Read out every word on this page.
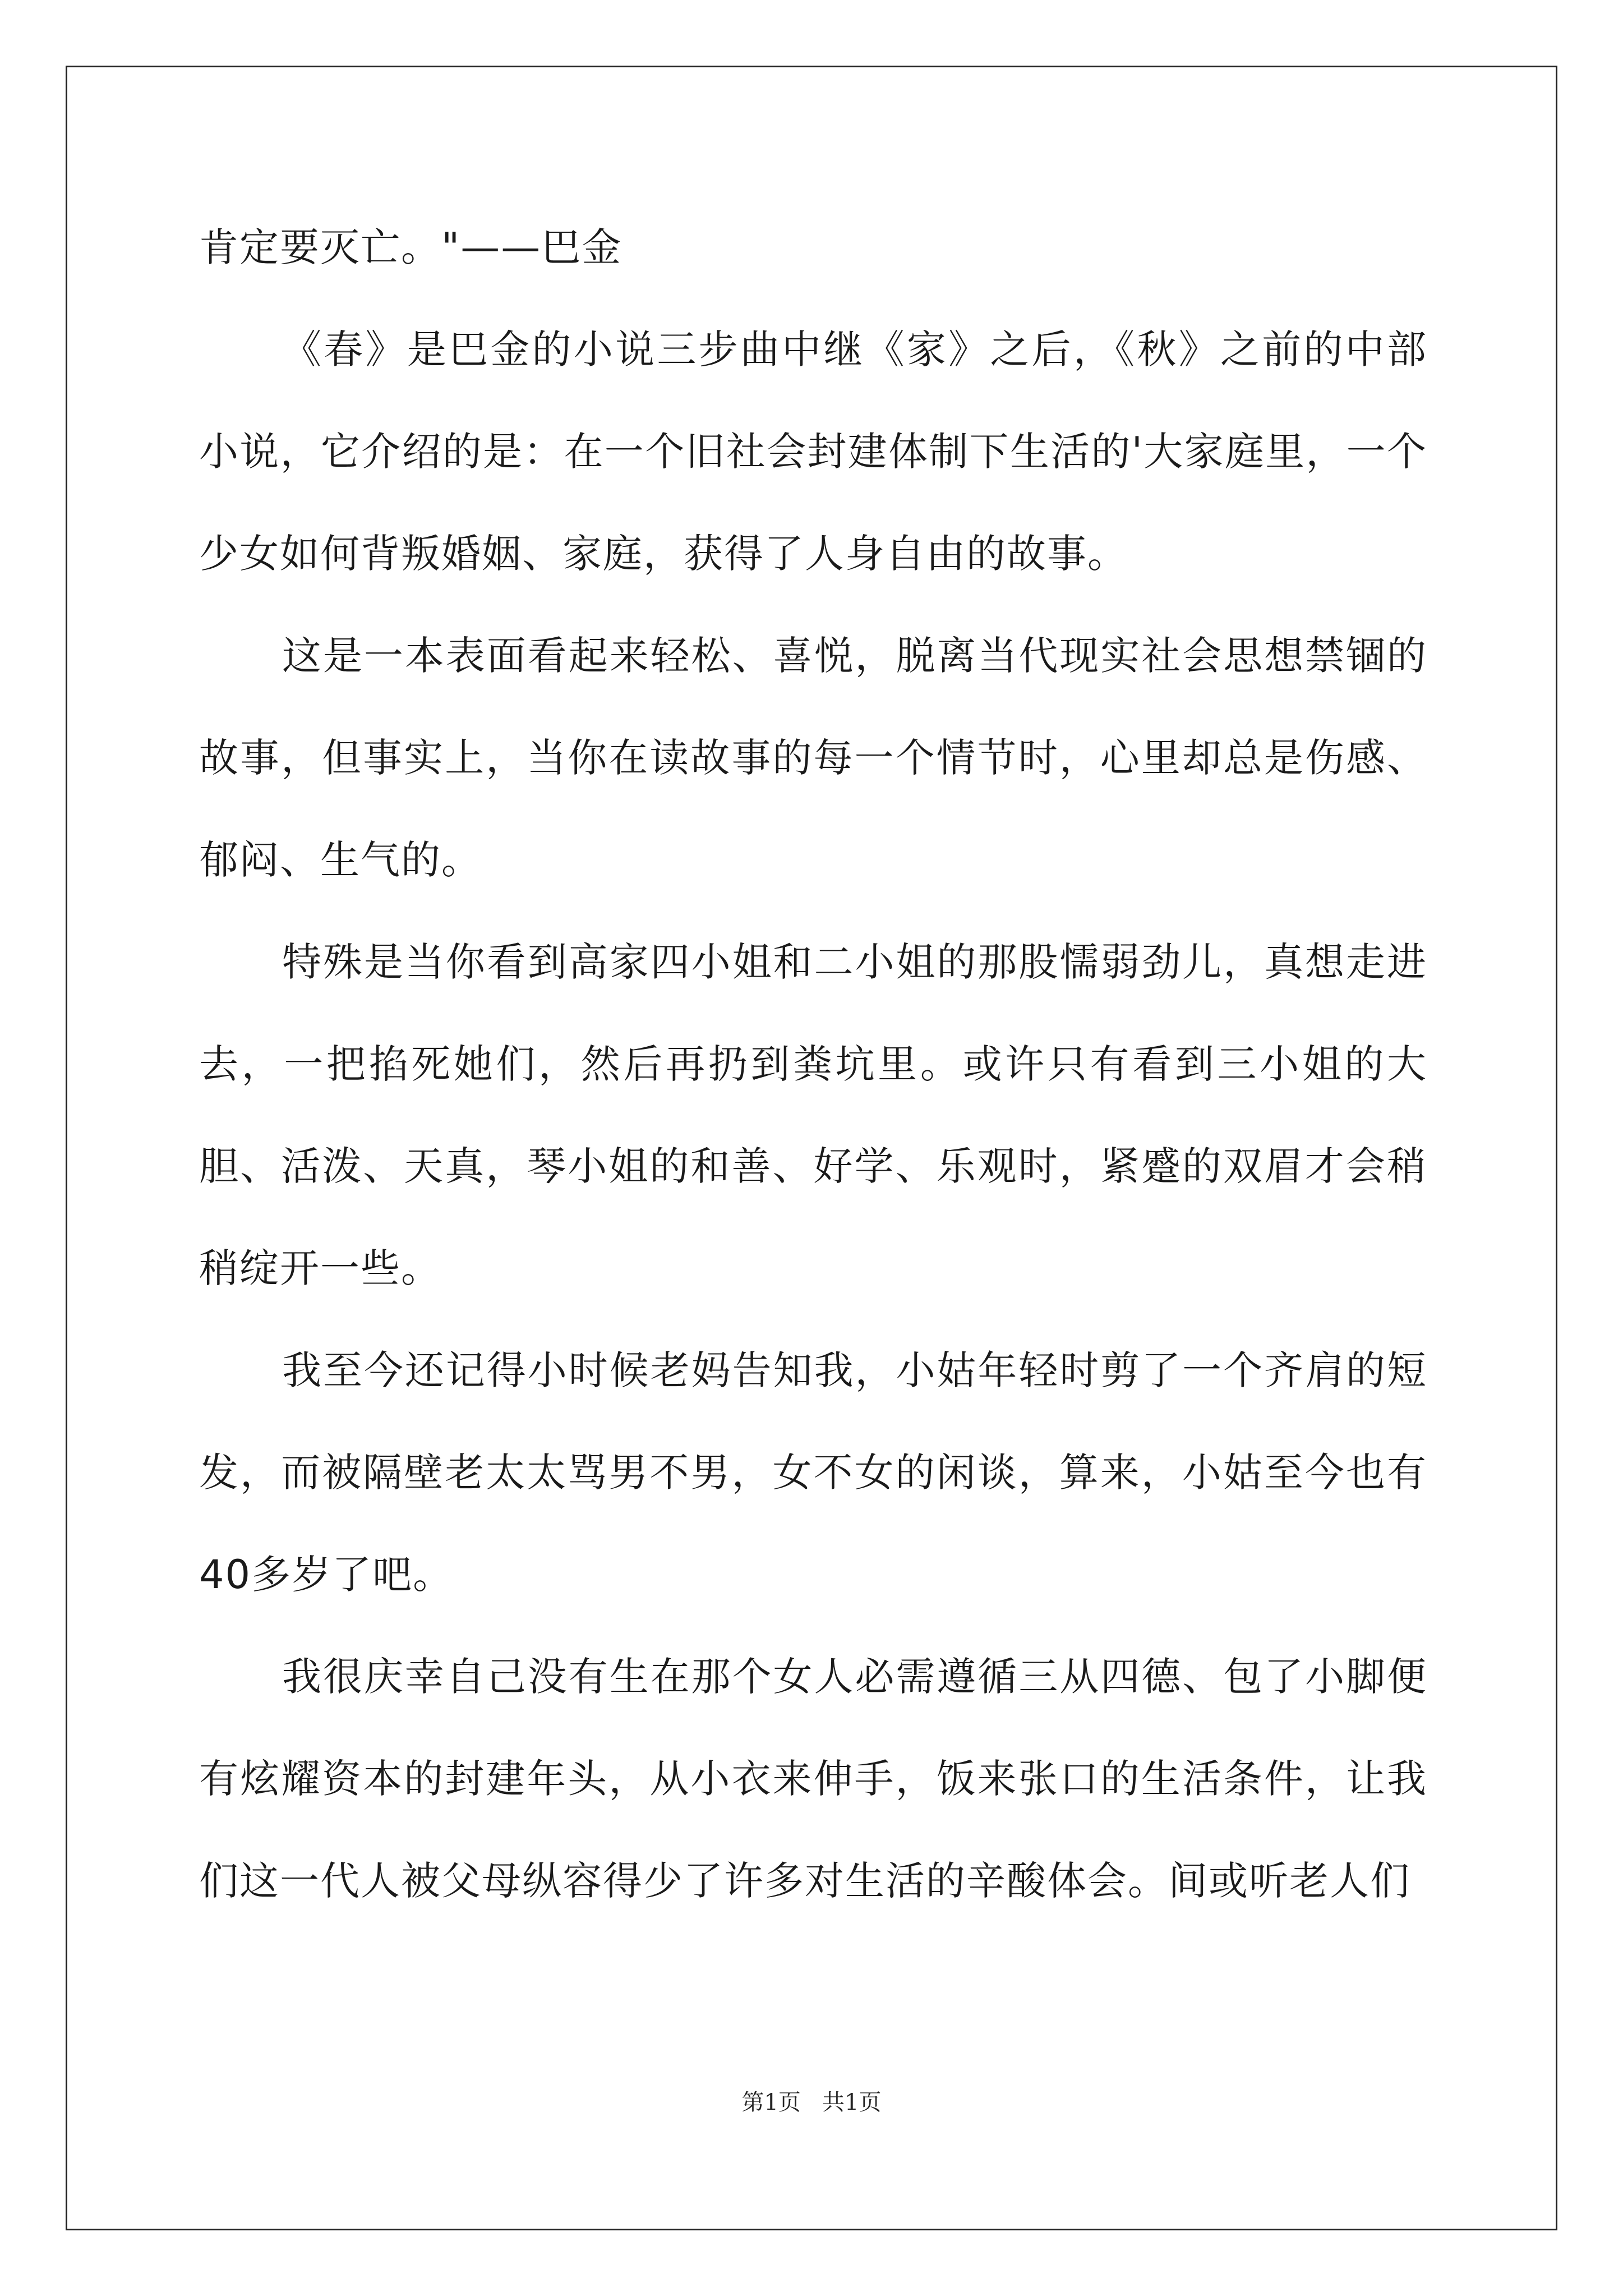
肯定要灭亡。"——巴金

《春》是巴金的小说三步曲中继《家》之后，《秋》之前的中部小说，它介绍的是：在一个旧社会封建体制下生活的'大家庭里，一个少女如何背叛婚姻、家庭，获得了人身自由的故事。

这是一本表面看起来轻松、喜悦，脱离当代现实社会思想禁锢的故事，但事实上，当你在读故事的每一个情节时，心里却总是伤感、郁闷、生气的。

特殊是当你看到高家四小姐和二小姐的那股懦弱劲儿，真想走进去，一把掐死她们，然后再扔到粪坑里。或许只有看到三小姐的大胆、活泼、天真，琴小姐的和善、好学、乐观时，紧蹙的双眉才会稍稍绽开一些。

我至今还记得小时候老妈告知我，小姑年轻时剪了一个齐肩的短发，而被隔壁老太太骂男不男，女不女的闲谈，算来，小姑至今也有40多岁了吧。

我很庆幸自己没有生在那个女人必需遵循三从四德、包了小脚便有炫耀资本的封建年头，从小衣来伸手，饭来张口的生活条件，让我们这一代人被父母纵容得少了许多对生活的辛酸体会。间或听老人们

第1页   共1页
